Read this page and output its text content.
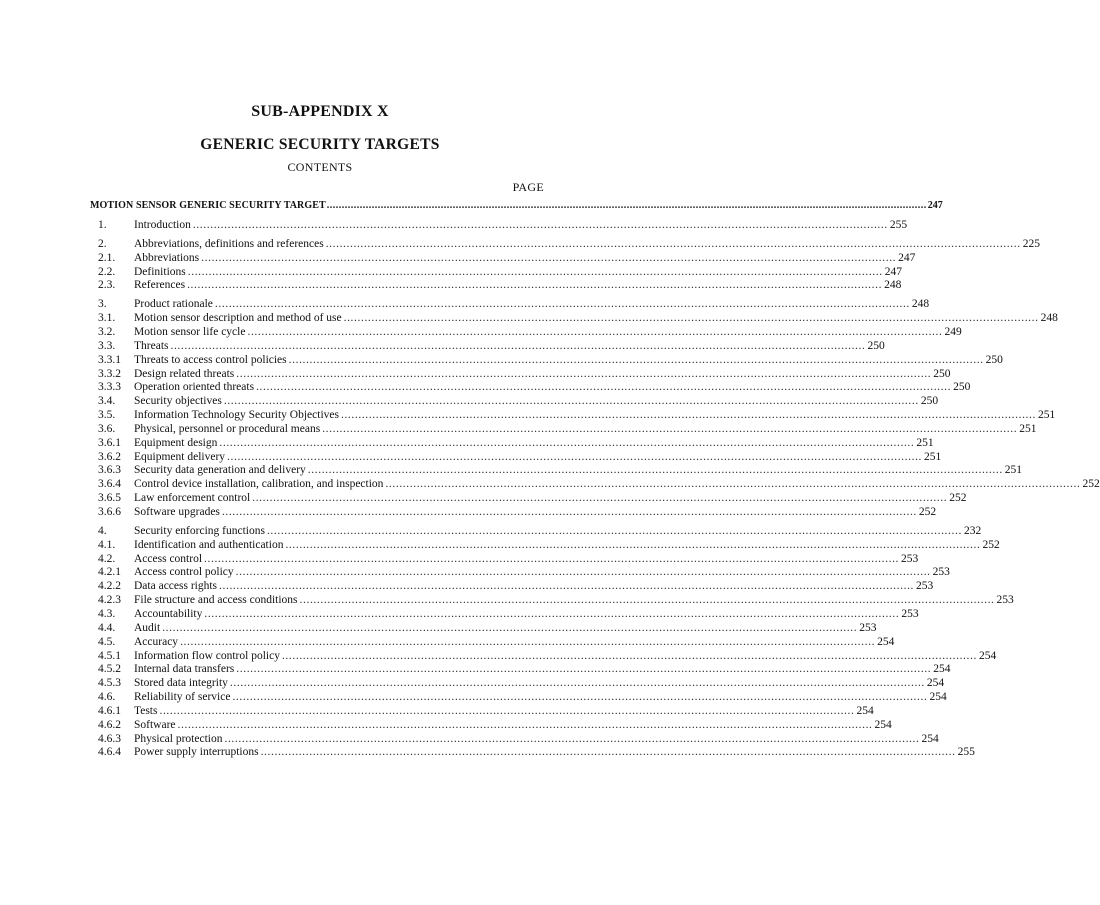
SUB-APPENDIX X
GENERIC SECURITY TARGETS
CONTENTS
PAGE
MOTION SENSOR GENERIC SECURITY TARGET ........................................................................................................................................................................................................ 247
1.	Introduction ........................................................................................................................................................................................................ 255
2.	Abbreviations, definitions and references ........................................................................................................................................................................................................ 225
2.1.	Abbreviations ........................................................................................................................................................................................................ 247
2.2.	Definitions ........................................................................................................................................................................................................ 247
2.3.	References ........................................................................................................................................................................................................ 248
3.	Product rationale ........................................................................................................................................................................................................ 248
3.1.	Motion sensor description and method of use ........................................................................................................................................................................................................ 248
3.2.	Motion sensor life cycle ........................................................................................................................................................................................................ 249
3.3.	Threats ........................................................................................................................................................................................................ 250
3.3.1	Threats to access control policies ........................................................................................................................................................................................................ 250
3.3.2	Design related threats ........................................................................................................................................................................................................ 250
3.3.3	Operation oriented threats ........................................................................................................................................................................................................ 250
3.4.	Security objectives ........................................................................................................................................................................................................ 250
3.5.	Information Technology Security Objectives ........................................................................................................................................................................................................ 251
3.6.	Physical, personnel or procedural means ........................................................................................................................................................................................................ 251
3.6.1	Equipment design ........................................................................................................................................................................................................ 251
3.6.2	Equipment delivery ........................................................................................................................................................................................................ 251
3.6.3	Security data generation and delivery ........................................................................................................................................................................................................ 251
3.6.4	Control device installation, calibration, and inspection ........................................................................................................................................................................................................ 252
3.6.5	Law enforcement control ........................................................................................................................................................................................................ 252
3.6.6	Software upgrades ........................................................................................................................................................................................................ 252
4.	Security enforcing functions ........................................................................................................................................................................................................ 232
4.1.	Identification and authentication ........................................................................................................................................................................................................ 252
4.2.	Access control ........................................................................................................................................................................................................ 253
4.2.1	Access control policy ........................................................................................................................................................................................................ 253
4.2.2	Data access rights ........................................................................................................................................................................................................ 253
4.2.3	File structure and access conditions ........................................................................................................................................................................................................ 253
4.3.	Accountability ........................................................................................................................................................................................................ 253
4.4.	Audit ........................................................................................................................................................................................................ 253
4.5.	Accuracy ........................................................................................................................................................................................................ 254
4.5.1	Information flow control policy ........................................................................................................................................................................................................ 254
4.5.2	Internal data transfers ........................................................................................................................................................................................................ 254
4.5.3	Stored data integrity ........................................................................................................................................................................................................ 254
4.6.	Reliability of service ........................................................................................................................................................................................................ 254
4.6.1	Tests ........................................................................................................................................................................................................ 254
4.6.2	Software ........................................................................................................................................................................................................ 254
4.6.3	Physical protection ........................................................................................................................................................................................................ 254
4.6.4	Power supply interruptions ........................................................................................................................................................................................................ 255
